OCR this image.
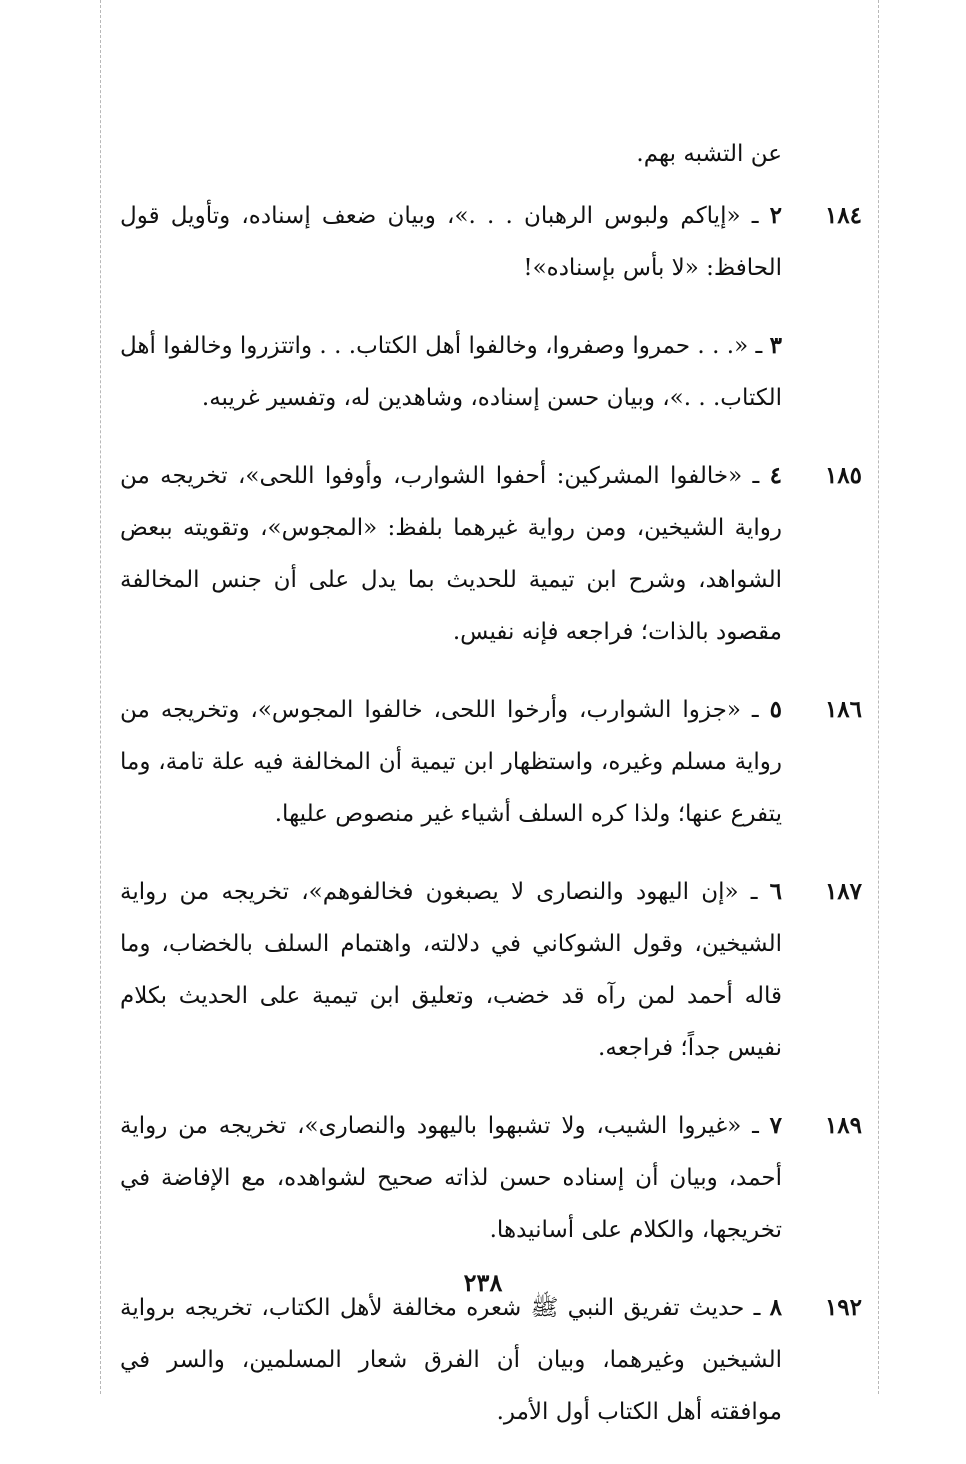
عن التشبه بهم.
١٨٤
٢ ـ «إياكم ولبوس الرهبان . . .»، وبيان ضعف إسناده، وتأويل قول الحافظ: «لا بأس بإسناده»!
٣ ـ «. . . حمروا وصفروا، وخالفوا أهل الكتاب. . . واتتزروا وخالفوا أهل الكتاب. . .»، وبيان حسن إسناده، وشاهدين له، وتفسير غريبه.
١٨٥
٤ ـ «خالفوا المشركين: أحفوا الشوارب، وأوفوا اللحى»، تخريجه من رواية الشيخين، ومن رواية غيرهما بلفظ: «المجوس»، وتقويته ببعض الشواهد، وشرح ابن تيمية للحديث بما يدل على أن جنس المخالفة مقصود بالذات؛ فراجعه فإنه نفيس.
١٨٦
٥ ـ «جزوا الشوارب، وأرخوا اللحى، خالفوا المجوس»، وتخريجه من رواية مسلم وغيره، واستظهار ابن تيمية أن المخالفة فيه علة تامة، وما يتفرع عنها؛ ولذا كره السلف أشياء غير منصوص عليها.
١٨٧
٦ ـ «إن اليهود والنصارى لا يصبغون فخالفوهم»، تخريجه من رواية الشيخين، وقول الشوكاني في دلالته، واهتمام السلف بالخضاب، وما قاله أحمد لمن رآه قد خضب، وتعليق ابن تيمية على الحديث بكلام نفيس جداً؛ فراجعه.
١٨٩
٧ ـ «غيروا الشيب، ولا تشبهوا باليهود والنصارى»، تخريجه من رواية أحمد، وبيان أن إسناده حسن لذاته صحيح لشواهده، مع الإفاضة في تخريجها، والكلام على أسانيدها.
١٩٢
٨ ـ حديث تفريق النبي ﷺ شعره مخالفة لأهل الكتاب، تخريجه برواية الشيخين وغيرهما، وبيان أن الفرق شعار المسلمين، والسر في موافقته أهل الكتاب أول الأمر.
٢٣٨
